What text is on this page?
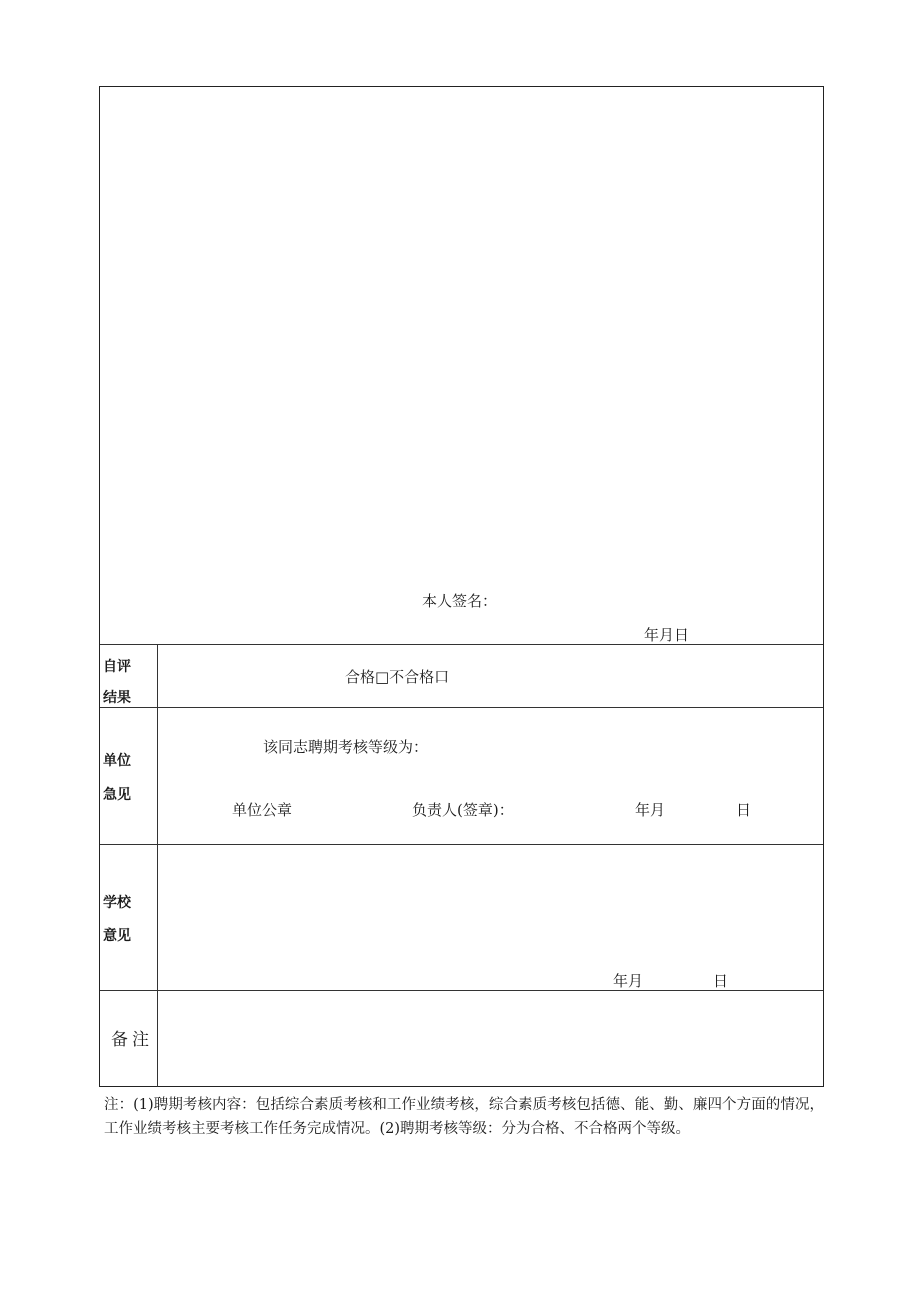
本人签名：
年月日
自评
结果
合格□不合格口
单位
急见
该同志聘期考核等级为：
单位公章	负责人(签章)：	年月	日
学校
意见
年月	日
备注
注：(1)聘期考核内容：包括综合素质考核和工作业绩考核，综合素质考核包括德、能、勤、廉四个方面的情况，工作业绩考核主要考核工作任务完成情况。(2)聘期考核等级：分为合格、不合格两个等级。
